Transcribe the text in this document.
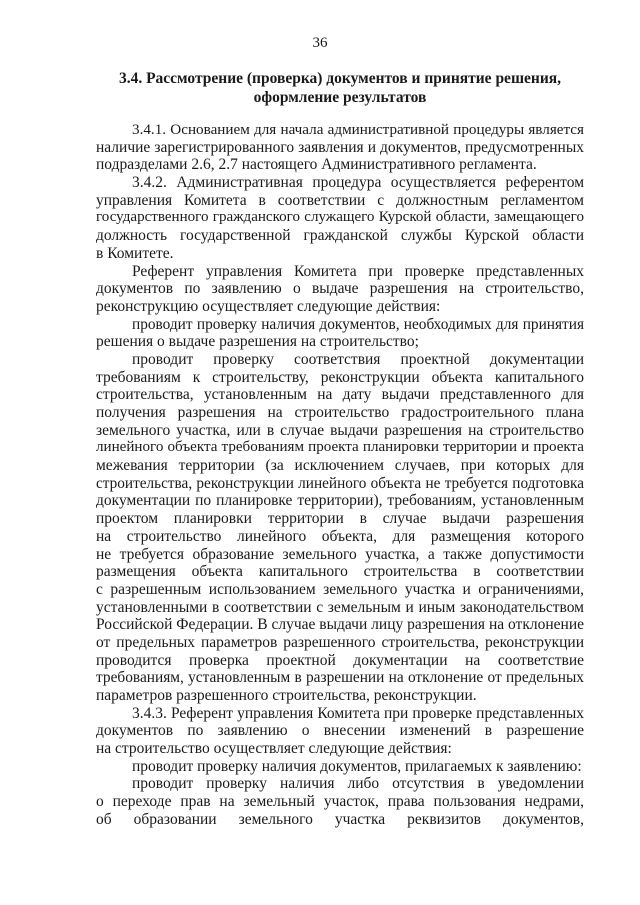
36
3.4. Рассмотрение (проверка) документов и принятие решения,
оформление результатов
3.4.1. Основанием для начала административной процедуры является
наличие зарегистрированного заявления и документов, предусмотренных
подразделами 2.6, 2.7 настоящего Административного регламента.
3.4.2. Административная процедура осуществляется референтом
управления Комитета в соответствии с должностным регламентом
государственного гражданского служащего Курской области, замещающего
должность государственной гражданской службы Курской области
в Комитете.
Референт управления Комитета при проверке представленных
документов по заявлению о выдаче разрешения на строительство,
реконструкцию осуществляет следующие действия:
проводит проверку наличия документов, необходимых для принятия
решения о выдаче разрешения на строительство;
проводит проверку соответствия проектной документации
требованиям к строительству, реконструкции объекта капитального
строительства, установленным на дату выдачи представленного для
получения разрешения на строительство градостроительного плана
земельного участка, или в случае выдачи разрешения на строительство
линейного объекта требованиям проекта планировки территории и проекта
межевания территории (за исключением случаев, при которых для
строительства, реконструкции линейного объекта не требуется подготовка
документации по планировке территории), требованиям, установленным
проектом планировки территории в случае выдачи разрешения
на строительство линейного объекта, для размещения которого
не требуется образование земельного участка, а также допустимости
размещения объекта капитального строительства в соответствии
с разрешенным использованием земельного участка и ограничениями,
установленными в соответствии с земельным и иным законодательством
Российской Федерации. В случае выдачи лицу разрешения на отклонение
от предельных параметров разрешенного строительства, реконструкции
проводится проверка проектной документации на соответствие
требованиям, установленным в разрешении на отклонение от предельных
параметров разрешенного строительства, реконструкции.
3.4.3. Референт управления Комитета при проверке представленных
документов по заявлению о внесении изменений в разрешение
на строительство осуществляет следующие действия:
проводит проверку наличия документов, прилагаемых к заявлению:
проводит проверку наличия либо отсутствия в уведомлении
о переходе прав на земельный участок, права пользования недрами,
об образовании земельного участка реквизитов документов,
